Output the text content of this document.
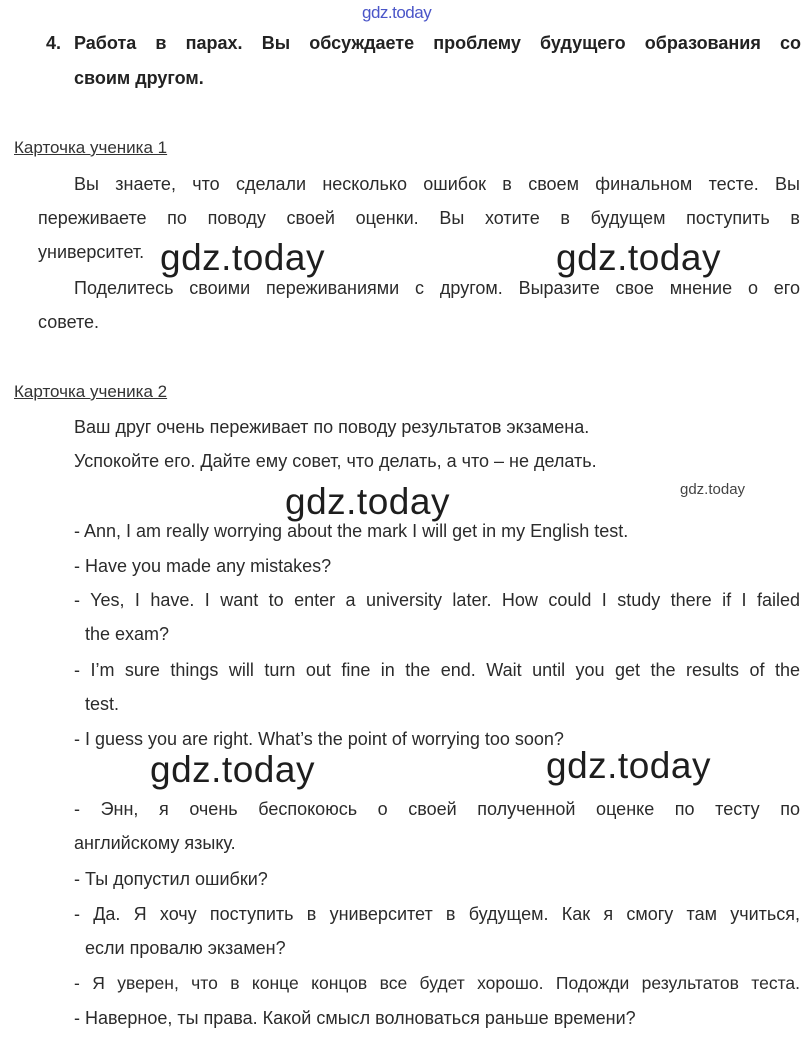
gdz.today
4. Работа в парах. Вы обсуждаете проблему будущего образования со
своим другом.
Карточка ученика 1
Вы знаете, что сделали несколько ошибок в своем финальном тесте. Вы
переживаете по поводу своей оценки. Вы хотите в будущем поступить в
университет.
Поделитесь своими переживаниями с другом. Выразите свое мнение о его
совете.
gdz.today	gdz.today
Карточка ученика 2
Ваш друг очень переживает по поводу результатов экзамена.
Успокойте его. Дайте ему совет, что делать, а что – не делать.
gdz.today	gdz.today
- Ann, I am really worrying about the mark I will get in my English test.
- Have you made any mistakes?
- Yes, I have. I want to enter a university later. How could I study there if I failed
the exam?
- I’m sure things will turn out fine in the end. Wait until you get the results of the
test.
- I guess you are right. What’s the point of worrying too soon?
gdz.today	gdz.today
- Энн, я очень беспокоюсь о своей полученной оценке по тесту по
английскому языку.
- Ты допустил ошибки?
- Да. Я хочу поступить в университет в будущем. Как я смогу там учиться,
если провалю экзамен?
- Я уверен, что в конце концов все будет хорошо. Подожди результатов теста.
- Наверное, ты права. Какой смысл волноваться раньше времени?
